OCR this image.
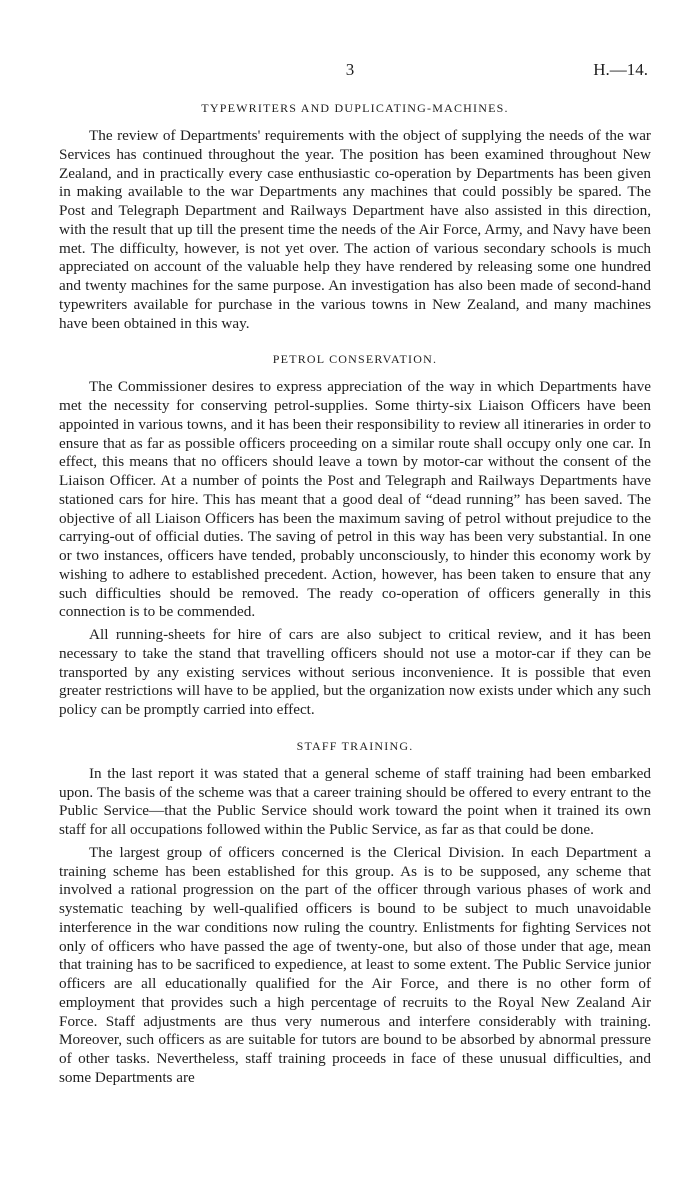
3	H.—14.
TYPEWRITERS AND DUPLICATING-MACHINES.

The review of Departments' requirements with the object of supplying the needs of the war Services has continued throughout the year. The position has been examined throughout New Zealand, and in practically every case enthusiastic co-operation by Departments has been given in making available to the war Departments any machines that could possibly be spared. The Post and Telegraph Department and Railways Department have also assisted in this direction, with the result that up till the present time the needs of the Air Force, Army, and Navy have been met. The difficulty, however, is not yet over. The action of various secondary schools is much appreciated on account of the valuable help they have rendered by releasing some one hundred and twenty machines for the same purpose. An investigation has also been made of second-hand typewriters available for purchase in the various towns in New Zealand, and many machines have been obtained in this way.

PETROL CONSERVATION.

The Commissioner desires to express appreciation of the way in which Departments have met the necessity for conserving petrol-supplies. Some thirty-six Liaison Officers have been appointed in various towns, and it has been their responsibility to review all itineraries in order to ensure that as far as possible officers proceeding on a similar route shall occupy only one car. In effect, this means that no officers should leave a town by motor-car without the consent of the Liaison Officer. At a number of points the Post and Telegraph and Railways Departments have stationed cars for hire. This has meant that a good deal of “dead running” has been saved. The objective of all Liaison Officers has been the maximum saving of petrol without prejudice to the carrying-out of official duties. The saving of petrol in this way has been very substantial. In one or two instances, officers have tended, probably unconsciously, to hinder this economy work by wishing to adhere to established precedent. Action, however, has been taken to ensure that any such difficulties should be removed. The ready co-operation of officers generally in this connection is to be commended.

All running-sheets for hire of cars are also subject to critical review, and it has been necessary to take the stand that travelling officers should not use a motor-car if they can be transported by any existing services without serious inconvenience. It is possible that even greater restrictions will have to be applied, but the organization now exists under which any such policy can be promptly carried into effect.

STAFF TRAINING.

In the last report it was stated that a general scheme of staff training had been embarked upon. The basis of the scheme was that a career training should be offered to every entrant to the Public Service—that the Public Service should work toward the point when it trained its own staff for all occupations followed within the Public Service, as far as that could be done.

The largest group of officers concerned is the Clerical Division. In each Department a training scheme has been established for this group. As is to be supposed, any scheme that involved a rational progression on the part of the officer through various phases of work and systematic teaching by well-qualified officers is bound to be subject to much unavoidable interference in the war conditions now ruling the country. Enlistments for fighting Services not only of officers who have passed the age of twenty-one, but also of those under that age, mean that training has to be sacrificed to expedience, at least to some extent. The Public Service junior officers are all educationally qualified for the Air Force, and there is no other form of employment that provides such a high percentage of recruits to the Royal New Zealand Air Force. Staff adjustments are thus very numerous and interfere considerably with training. Moreover, such officers as are suitable for tutors are bound to be absorbed by abnormal pressure of other tasks. Nevertheless, staff training proceeds in face of these unusual difficulties, and some Departments are
